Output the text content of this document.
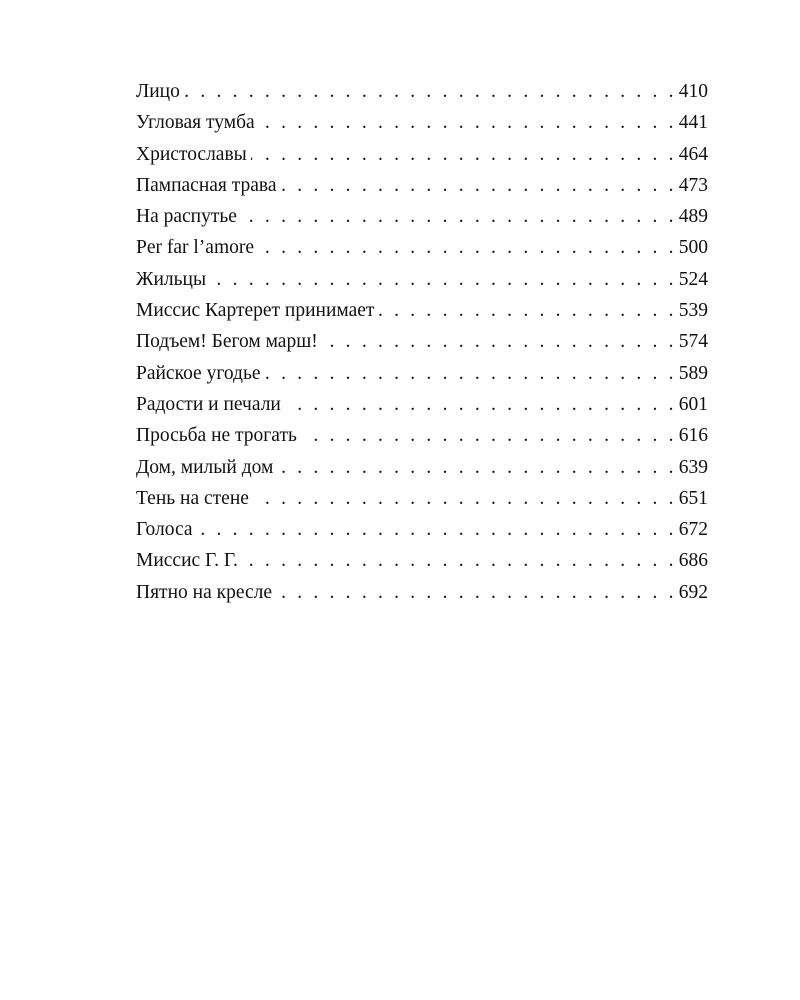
Лицо . . .	410
Угловая тумба . . .	441
Христославы . . .	464
Пампасная трава . . .	473
На распутье . . .	489
Per far l’amore . . .	500
Жильцы . . .	524
Миссис Картерет принимает . . .	539
Подъем! Бегом марш! . . .	574
Райское угодье . . .	589
Радости и печали . . .	601
Просьба не трогать . . .	616
Дом, милый дом . . .	639
Тень на стене . . .	651
Голоса . . .	672
Миссис Г. Г. . . .	686
Пятно на кресле . . .	692
